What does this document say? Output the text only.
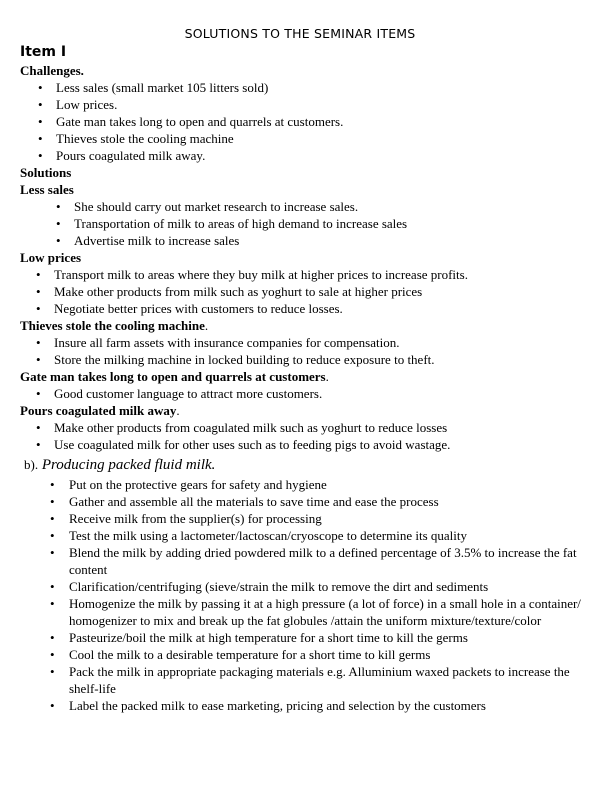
SOLUTIONS TO THE SEMINAR ITEMS

Item I

Challenges.

• Less sales (small market 105 litters sold)
• Low prices.
• Gate man takes long to open and quarrels at customers.
• Thieves stole the cooling machine
• Pours coagulated milk away.

Solutions

Less sales

• She should carry out market research to increase sales.
• Transportation of milk to areas of high demand to increase sales
• Advertise milk to increase sales

Low prices

• Transport milk to areas where they buy milk at higher prices to increase profits.
• Make other products from milk such as yoghurt to sale at higher prices
• Negotiate better prices with customers to reduce losses.

Thieves stole the cooling machine.

• Insure all farm assets with insurance companies for compensation.
• Store the milking machine in locked building to reduce exposure to theft.

Gate man takes long to open and quarrels at customers.

• Good customer language to attract more customers.

Pours coagulated milk away.

• Make other products from coagulated milk such as yoghurt to reduce losses
• Use coagulated milk for other uses such as to feeding pigs to avoid wastage.

b). Producing packed fluid milk.

• Put on the protective gears for safety and hygiene
• Gather and assemble all the materials to save time and ease the process
• Receive milk from the supplier(s) for processing
• Test the milk using a lactometer/lactoscan/cryoscope to determine its quality
• Blend the milk by adding dried powdered milk to a defined percentage of 3.5% to increase the fat content
• Clarification/centrifuging (sieve/strain the milk to remove the dirt and sediments
• Homogenize the milk by passing it at a high pressure (a lot of force) in a small hole in a container/ homogenizer to mix and break up the fat globules /attain the uniform mixture/texture/color
• Pasteurize/boil the milk at high temperature for a short time to kill the germs
• Cool the milk to a desirable temperature for a short time to kill germs
• Pack the milk in appropriate packaging materials e.g. Alluminium waxed packets to increase the shelf-life
• Label the packed milk to ease marketing, pricing and selection by the customers
